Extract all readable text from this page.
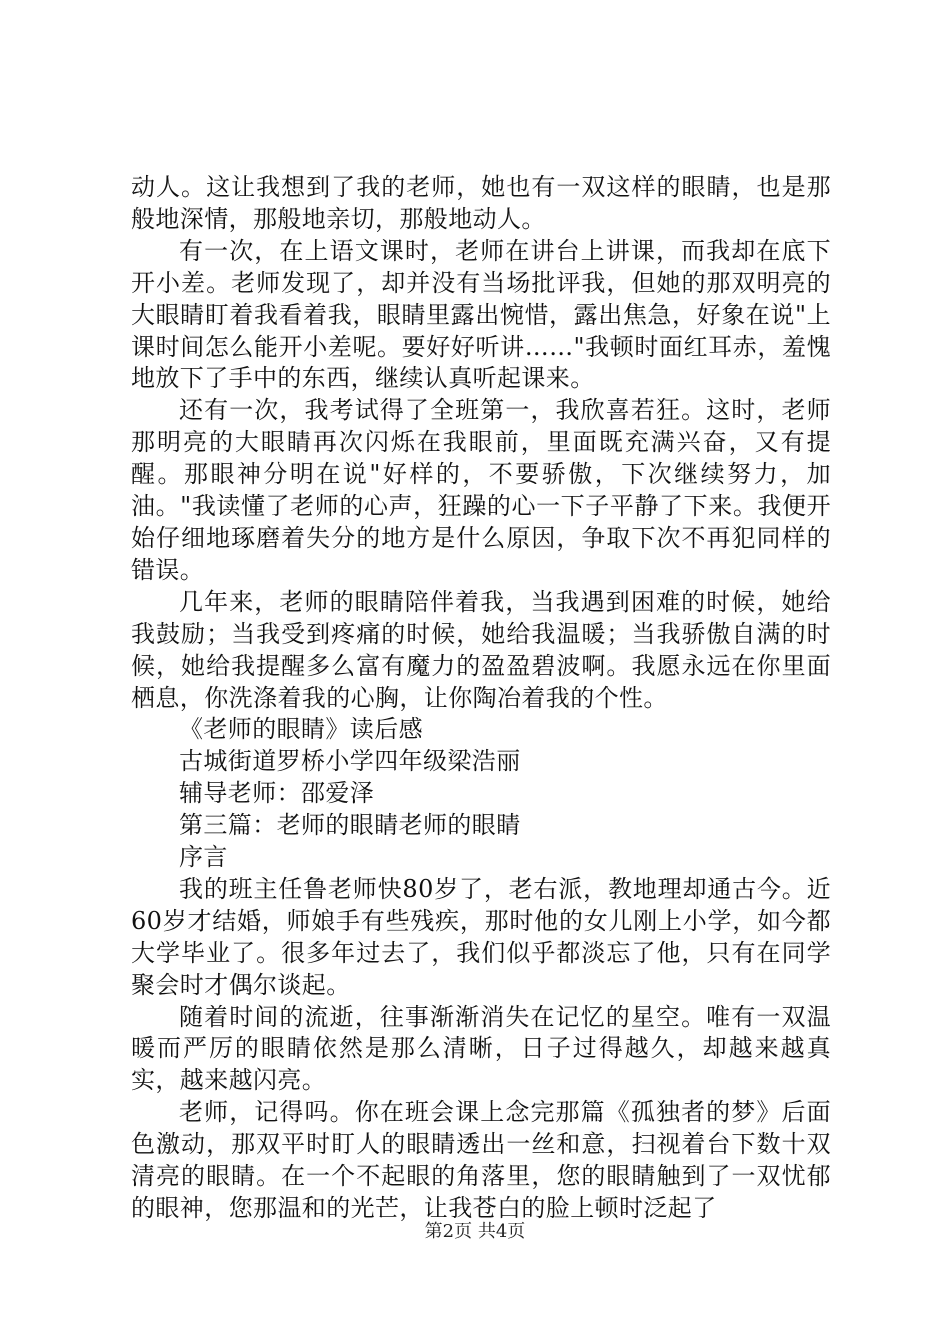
动人。这让我想到了我的老师，她也有一双这样的眼睛，也是那般地深情，那般地亲切，那般地动人。

有一次，在上语文课时，老师在讲台上讲课，而我却在底下开小差。老师发现了，却并没有当场批评我，但她的那双明亮的大眼睛盯着我看着我，眼睛里露出惋惜，露出焦急，好象在说"上课时间怎么能开小差呢。要好好听讲……"我顿时面红耳赤，羞愧地放下了手中的东西，继续认真听起课来。

还有一次，我考试得了全班第一，我欣喜若狂。这时，老师那明亮的大眼睛再次闪烁在我眼前，里面既充满兴奋，又有提醒。那眼神分明在说"好样的，不要骄傲，下次继续努力，加油。"我读懂了老师的心声，狂躁的心一下子平静了下来。我便开始仔细地琢磨着失分的地方是什么原因，争取下次不再犯同样的错误。

几年来，老师的眼睛陪伴着我，当我遇到困难的时候，她给我鼓励；当我受到疼痛的时候，她给我温暖；当我骄傲自满的时候，她给我提醒多么富有魔力的盈盈碧波啊。我愿永远在你里面栖息，你洗涤着我的心胸，让你陶冶着我的个性。

《老师的眼睛》读后感

古城街道罗桥小学四年级梁浩丽

辅导老师：邵爱泽

第三篇：老师的眼睛老师的眼睛

序言

我的班主任鲁老师快80岁了，老右派，教地理却通古今。近60岁才结婚，师娘手有些残疾，那时他的女儿刚上小学，如今都大学毕业了。很多年过去了，我们似乎都淡忘了他，只有在同学聚会时才偶尔谈起。

随着时间的流逝，往事渐渐消失在记忆的星空。唯有一双温暖而严厉的眼睛依然是那么清晰，日子过得越久，却越来越真实，越来越闪亮。

老师，记得吗。你在班会课上念完那篇《孤独者的梦》后面色激动，那双平时盯人的眼睛透出一丝和意，扫视着台下数十双清亮的眼睛。在一个不起眼的角落里，您的眼睛触到了一双忧郁的眼神，您那温和的光芒，让我苍白的脸上顿时泛起了

第2页 共4页
